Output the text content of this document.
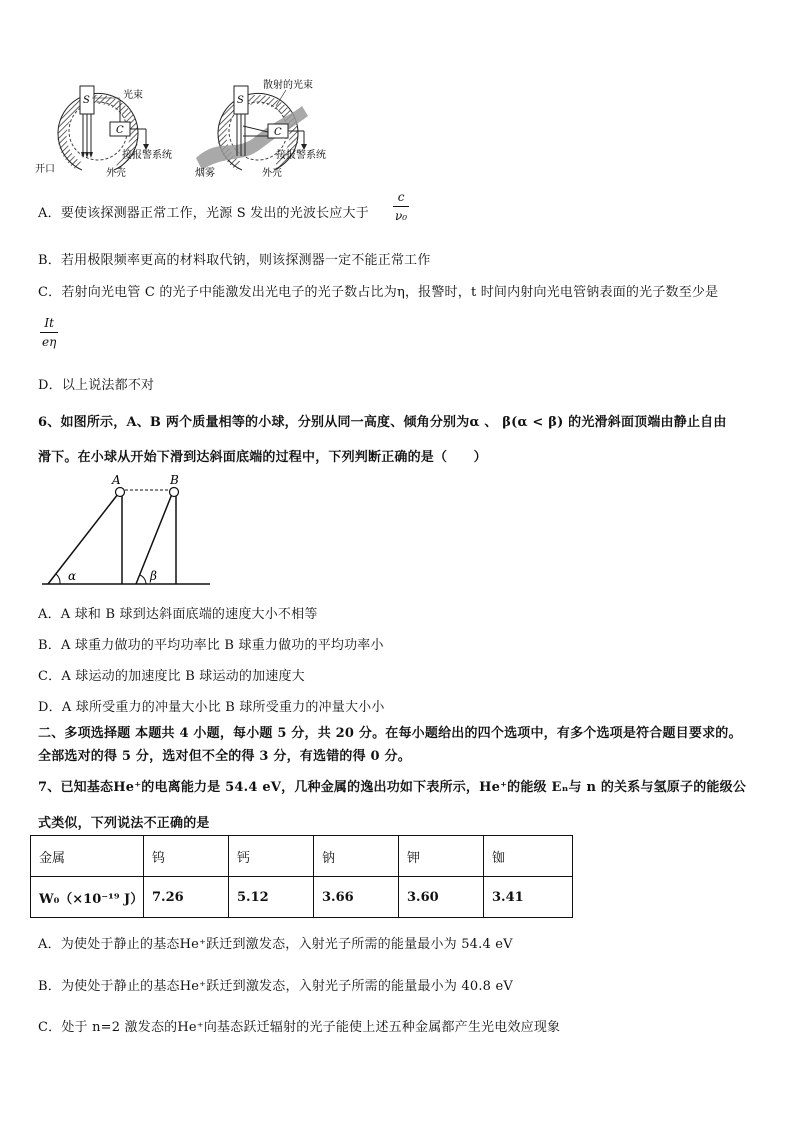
S
C
光束
接报警系统
开口	外壳
S
C
散射的光束
接报警系统
烟雾	外壳
A．要使该探测器正常工作，光源 S 发出的光波长应大于
c
ν₀
B．若用极限频率更高的材料取代钠，则该探测器一定不能正常工作
C．若射向光电管 C 的光子中能激发出光电子的光子数占比为η，报警时，t 时间内射向光电管钠表面的光子数至少是
It
eη
D．以上说法都不对
6、如图所示，A、B 两个质量相等的小球，分别从同一高度、倾角分别为α 、 β(α < β) 的光滑斜面顶端由静止自由
滑下。在小球从开始下滑到达斜面底端的过程中，下列判断正确的是（　　）
A	B
α	β
A．A 球和 B 球到达斜面底端的速度大小不相等
B．A 球重力做功的平均功率比 B 球重力做功的平均功率小
C．A 球运动的加速度比 B 球运动的加速度大
D．A 球所受重力的冲量大小比 B 球所受重力的冲量大小小
二、多项选择题 本题共 4 小题，每小题 5 分，共 20 分。在每小题给出的四个选项中，有多个选项是符合题目要求的。
全部选对的得 5 分，选对但不全的得 3 分，有选错的得 0 分。
7、已知基态He⁺的电离能力是 54.4 eV，几种金属的逸出功如下表所示，He⁺的能级 Eₙ与 n 的关系与氢原子的能级公
式类似，下列说法不正确的是
金属	钨	钙	钠	钾	铷
W₀（×10⁻¹⁹ J）	7.26	5.12	3.66	3.60	3.41
A．为使处于静止的基态He⁺跃迁到激发态，入射光子所需的能量最小为 54.4 eV
B．为使处于静止的基态He⁺跃迁到激发态，入射光子所需的能量最小为 40.8 eV
C．处于 n=2 激发态的He⁺向基态跃迁辐射的光子能使上述五种金属都产生光电效应现象
